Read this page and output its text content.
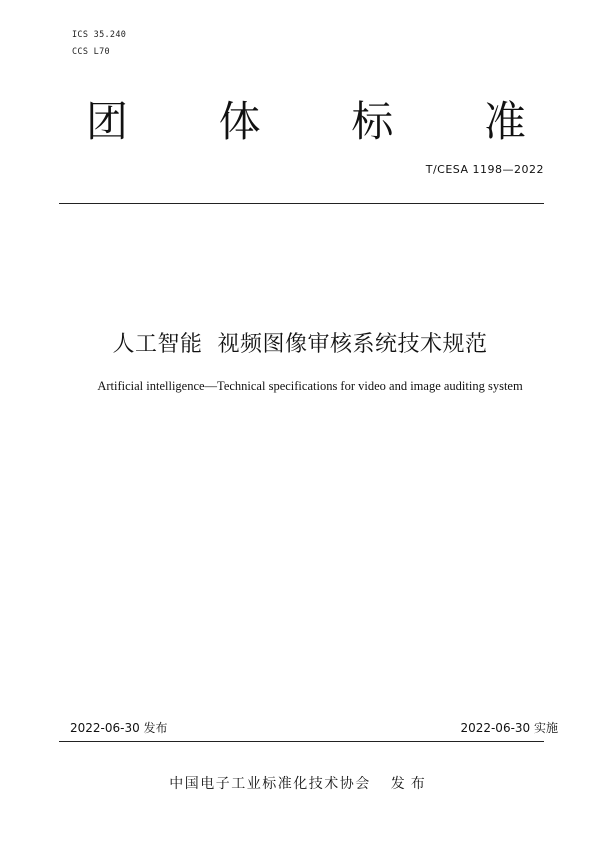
ICS 35.240
CCS L70
团 体 标 准
T/CESA 1198—2022
人工智能  视频图像审核系统技术规范
Artificial intelligence—Technical specifications for video and image auditing system
2022-06-30 发布	2022-06-30 实施
中国电子工业标准化技术协会 发布
